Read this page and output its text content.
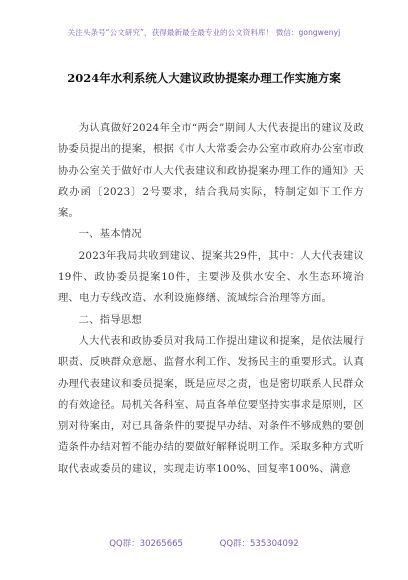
关注头条号“公文研究”，获得最新最全最专业的公文资料库！ 微信：gongwenyj
2024年水利系统人大建议政协提案办理工作实施方案

为认真做好2024年全市“两会”期间人大代表提出的建议及政协委员提出的提案，根据《市人大常委会办公室市政府办公室市政协办公室关于做好市人大代表建议和政协提案办理工作的通知》天政办函〔2023〕2号要求，结合我局实际，特制定如下工作方案。

一、基本情况

2023年我局共收到建议、提案共29件，其中：人大代表建议19件、政协委员提案10件，主要涉及供水安全、水生态环境治理、电力专线改造、水利设施修缮、流域综合治理等方面。

二、指导思想

人大代表和政协委员对我局工作提出建议和提案，是依法履行职责、反映群众意愿、监督水利工作、发扬民主的重要形式。认真办理代表建议和委员提案，既是应尽之责，也是密切联系人民群众的有效途径。局机关各科室、局直各单位要坚持实事求是原则，区别对待案由，对已具备条件的要提早办结、对条件不够成熟的要创造条件办结对暂不能办结的要做好解释说明工作。采取多种方式听取代表或委员的建议，实现走访率100%、回复率100%、满意

QQ群：30265665	QQ群：535304092
